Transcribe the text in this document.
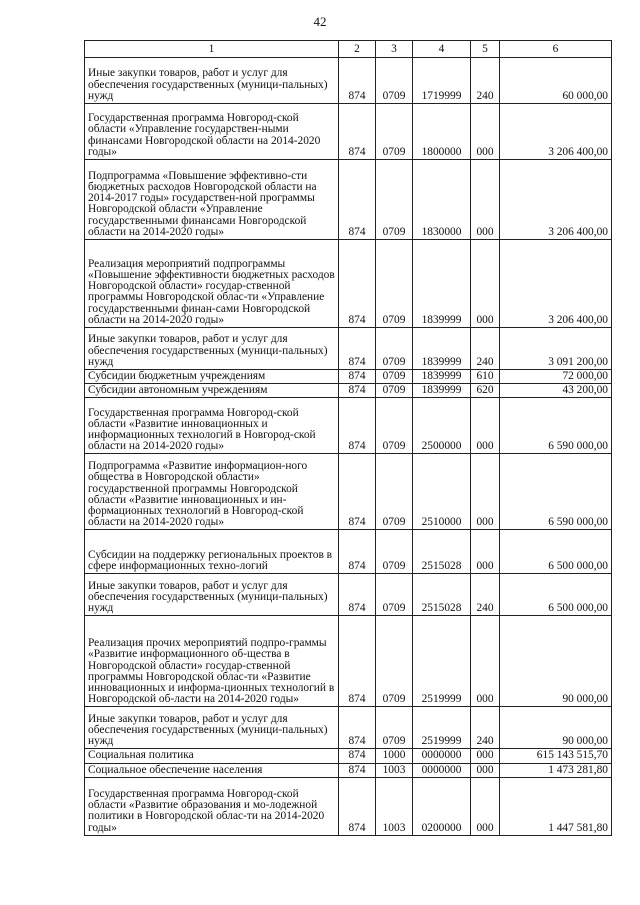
42
1	2	3	4	5	6
Иные закупки товаров, работ и услуг для обеспечения государственных (муници-пальных) нужд	874	0709	1719999	240	60 000,00
Государственная программа Новгород-ской области «Управление государствен-ными финансами Новгородской области на 2014-2020 годы»	874	0709	1800000	000	3 206 400,00
Подпрограмма «Повышение эффективно-сти бюджетных расходов Новгородской области на 2014-2017 годы» государствен-ной программы Новгородской области «Управление государственными финансами Новгородской области на 2014-2020 годы»	874	0709	1830000	000	3 206 400,00
Реализация мероприятий подпрограммы «Повышение эффективности бюджетных расходов Новгородской области» государ-ственной программы Новгородской облас-ти «Управление государственными финан-сами Новгородской области на 2014-2020 годы»	874	0709	1839999	000	3 206 400,00
Иные закупки товаров, работ и услуг для обеспечения государственных (муници-пальных) нужд	874	0709	1839999	240	3 091 200,00
Субсидии бюджетным учреждениям	874	0709	1839999	610	72 000,00
Субсидии автономным учреждениям	874	0709	1839999	620	43 200,00
Государственная программа Новгород-ской области «Развитие инновационных и информационных технологий в Новгород-ской области на 2014-2020 годы»	874	0709	2500000	000	6 590 000,00
Подпрограмма «Развитие информацион-ного общества в Новгородской области» государственной программы Новгородской области «Развитие инновационных и ин-формационных технологий в Новгород-ской области на 2014-2020 годы»	874	0709	2510000	000	6 590 000,00
Субсидии на поддержку региональных проектов в сфере информационных техно-логий	874	0709	2515028	000	6 500 000,00
Иные закупки товаров, работ и услуг для обеспечения государственных (муници-пальных) нужд	874	0709	2515028	240	6 500 000,00
Реализация прочих мероприятий подпро-граммы «Развитие информационного об-щества в Новгородской области» государ-ственной программы Новгородской облас-ти «Развитие инновационных и информа-ционных технологий в Новгородской об-ласти на 2014-2020 годы»	874	0709	2519999	000	90 000,00
Иные закупки товаров, работ и услуг для обеспечения государственных (муници-пальных) нужд	874	0709	2519999	240	90 000,00
Социальная политика	874	1000	0000000	000	615 143 515,70
Социальное обеспечение населения	874	1003	0000000	000	1 473 281,80
Государственная программа Новгород-ской области «Развитие образования и мо-лодежной политики в Новгородской облас-ти на 2014-2020 годы»	874	1003	0200000	000	1 447 581,80
